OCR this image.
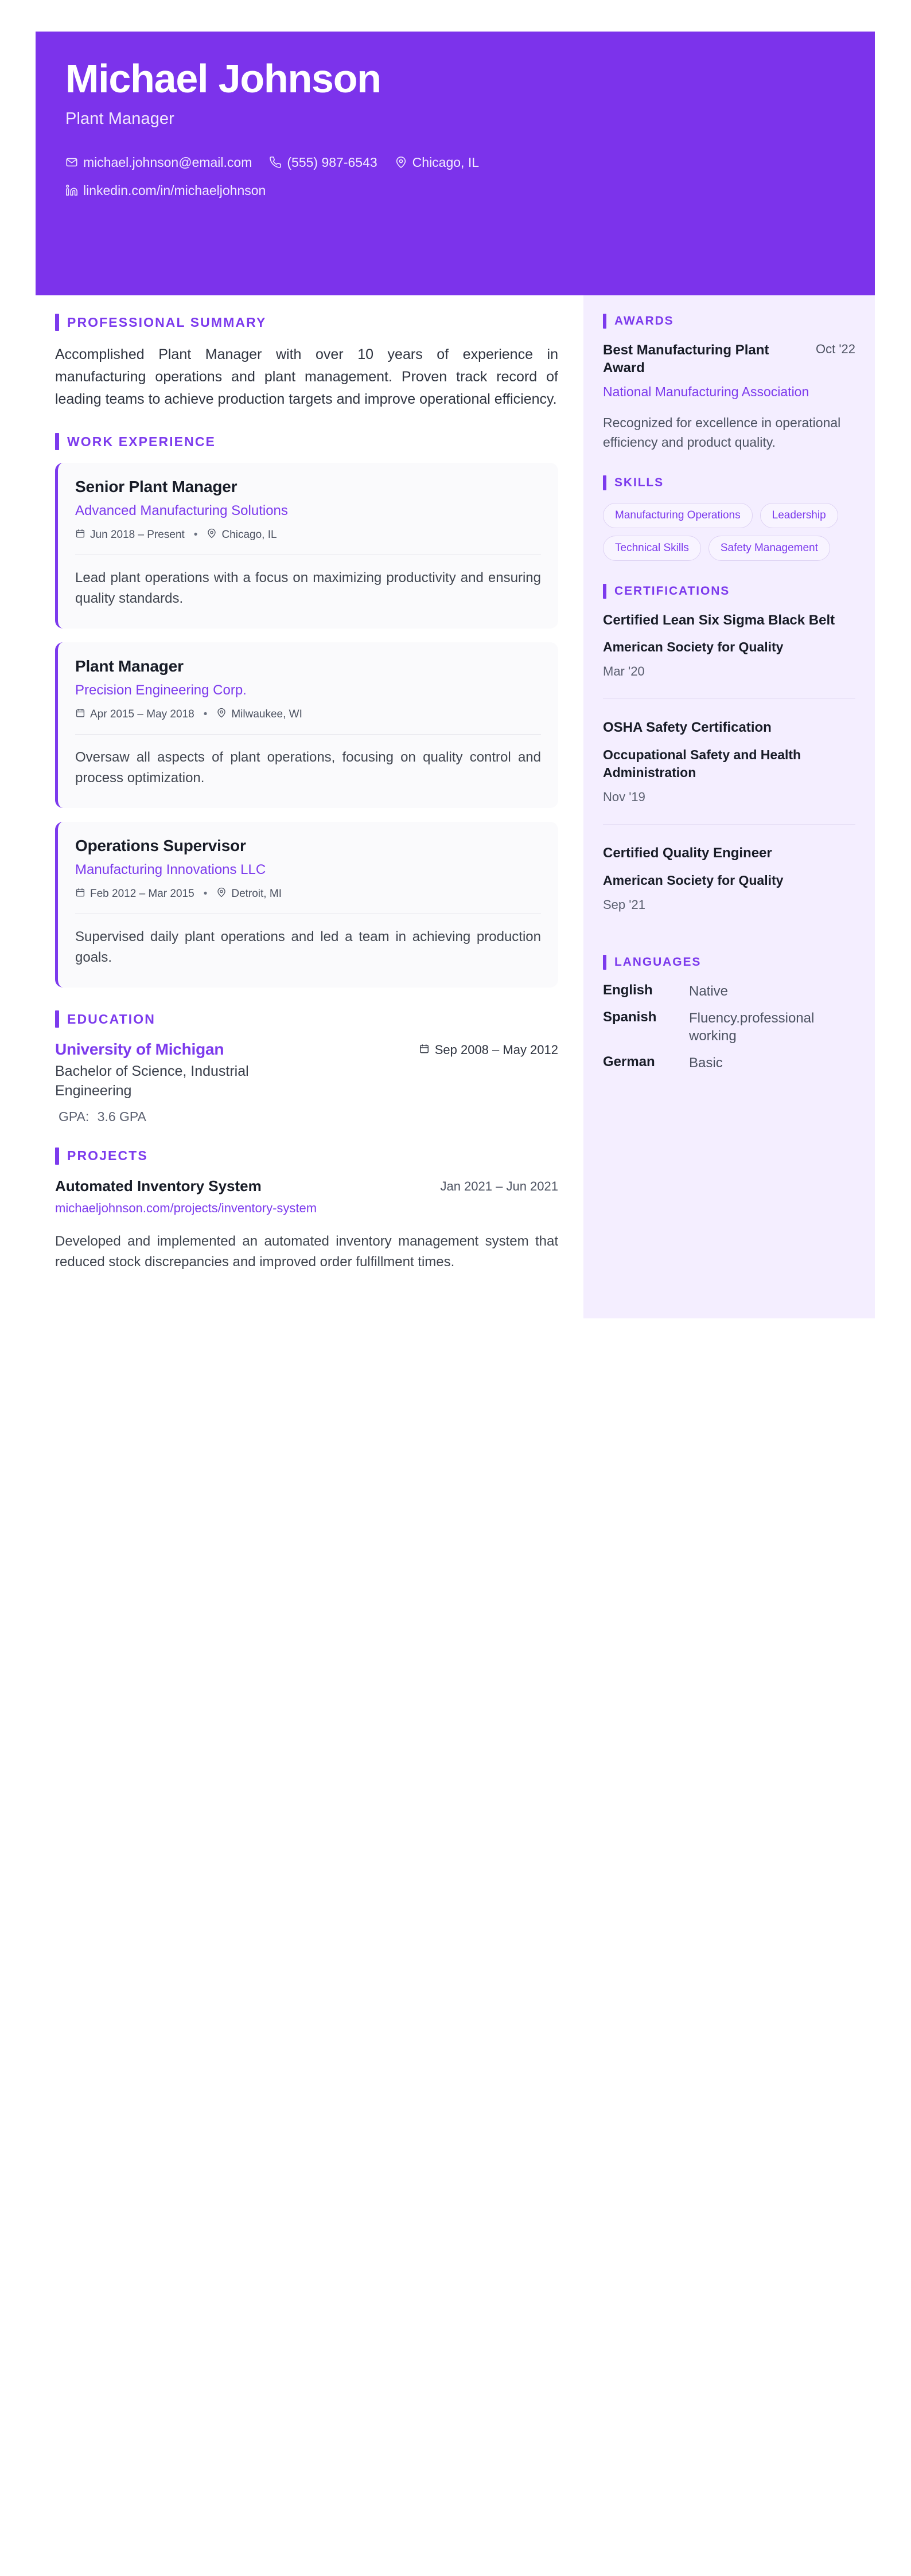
Michael Johnson
Plant Manager
michael.johnson@email.com	(555) 987-6543	Chicago, IL
linkedin.com/in/michaeljohnson
PROFESSIONAL SUMMARY

Accomplished Plant Manager with over 10 years of experience in manufacturing operations and plant management. Proven track record of leading teams to achieve production targets and improve operational efficiency.

WORK EXPERIENCE
Senior Plant Manager
Advanced Manufacturing Solutions
Jun 2018 – Present • Chicago, IL

Lead plant operations with a focus on maximizing productivity and ensuring quality standards.

Plant Manager
Precision Engineering Corp.
Apr 2015 – May 2018 • Milwaukee, WI

Oversaw all aspects of plant operations, focusing on quality control and process optimization.

Operations Supervisor
Manufacturing Innovations LLC
Feb 2012 – Mar 2015 • Detroit, MI

Supervised daily plant operations and led a team in achieving production goals.

EDUCATION
University of Michigan	Sep 2008 – May 2012
Bachelor of Science, Industrial Engineering
GPA: 3.6 GPA
PROJECTS
Automated Inventory System	Jan 2021 – Jun 2021
michaeljohnson.com/projects/inventory-system

Developed and implemented an automated inventory management system that reduced stock discrepancies and improved order fulfillment times.

AWARDS
Best Manufacturing Plant Award
Oct '22
National Manufacturing Association
Recognized for excellence in operational efficiency and product quality.
SKILLS
Manufacturing Operations	Leadership
Technical Skills	Safety Management
CERTIFICATIONS
Certified Lean Six Sigma Black Belt
American Society for Quality
Mar '20
OSHA Safety Certification
Occupational Safety and Health Administration
Nov '19
Certified Quality Engineer
American Society for Quality
Sep '21
LANGUAGES
English	Native
Spanish	Fluency.professional working
German	Basic
